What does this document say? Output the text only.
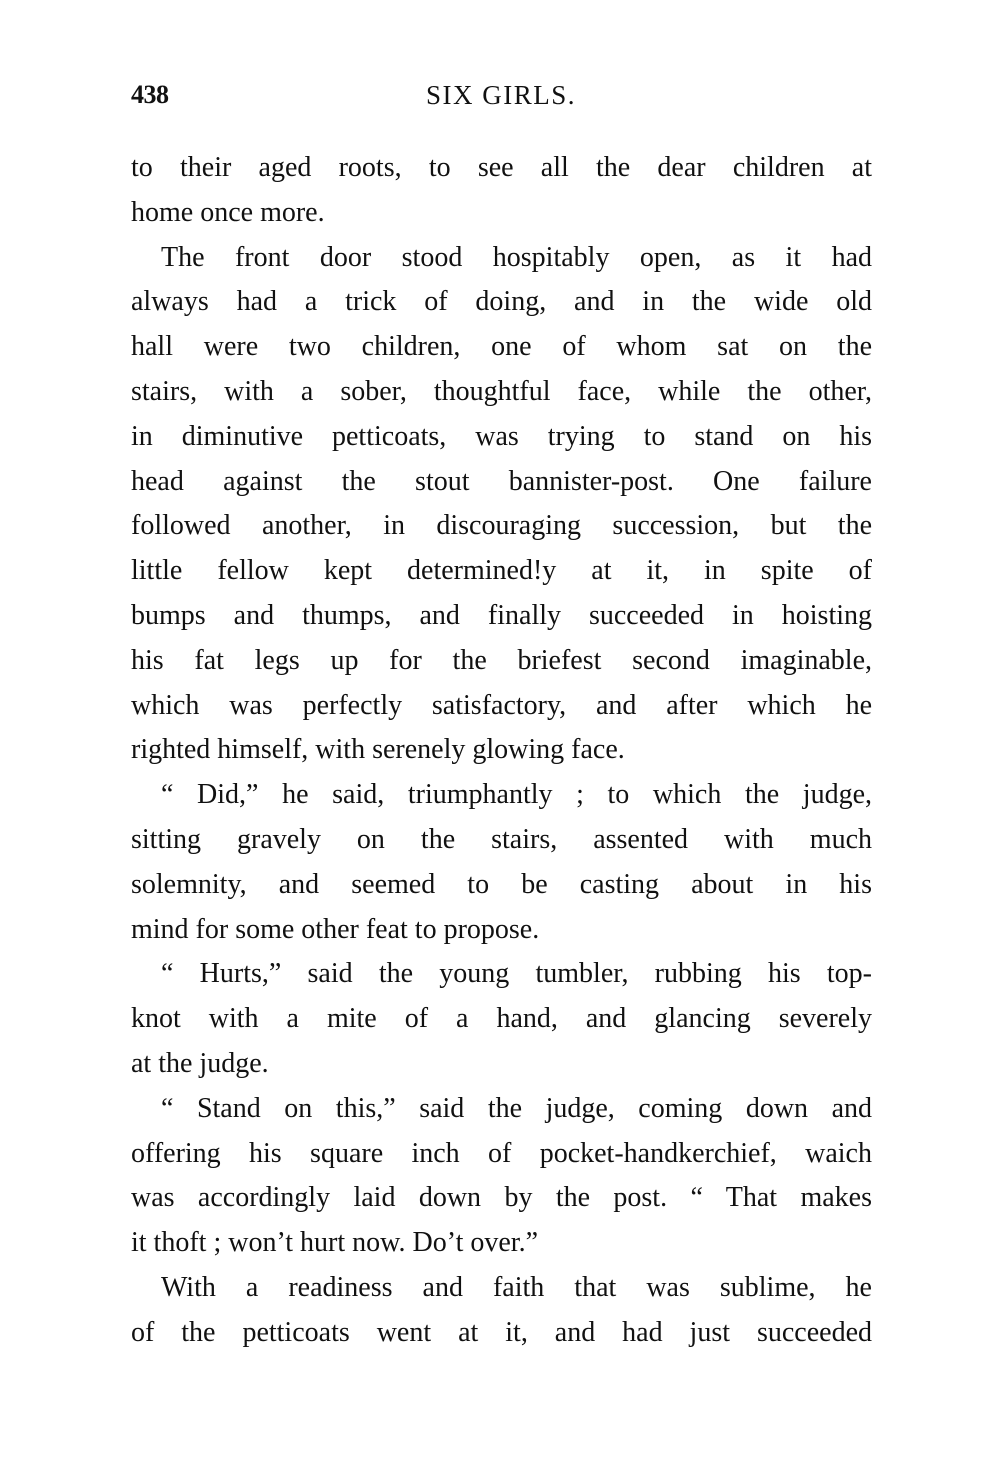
438	SIX GIRLS.
to their aged roots, to see all the dear children at
home once more.
The front door stood hospitably open, as it had
always had a trick of doing, and in the wide old
hall were two children, one of whom sat on the
stairs, with a sober, thoughtful face, while the other,
in diminutive petticoats, was trying to stand on his
head against the stout bannister-post. One failure
followed another, in discouraging succession, but the
little fellow kept determined!y at it, in spite of
bumps and thumps, and finally succeeded in hoisting
his fat legs up for the briefest second imaginable,
which was perfectly satisfactory, and after which he
righted himself, with serenely glowing face.
“ Did,” he said, triumphantly ; to which the judge,
sitting gravely on the stairs, assented with much
solemnity, and seemed to be casting about in his
mind for some other feat to propose.
“ Hurts,” said the young tumbler, rubbing his top-
knot with a mite of a hand, and glancing severely
at the judge.
“ Stand on this,” said the judge, coming down and
offering his square inch of pocket-handkerchief, waich
was accordingly laid down by the post. “ That makes
it thoft ; won’t hurt now. Do’t over.”
With a readiness and faith that was sublime, he
of the petticoats went at it, and had just succeeded
